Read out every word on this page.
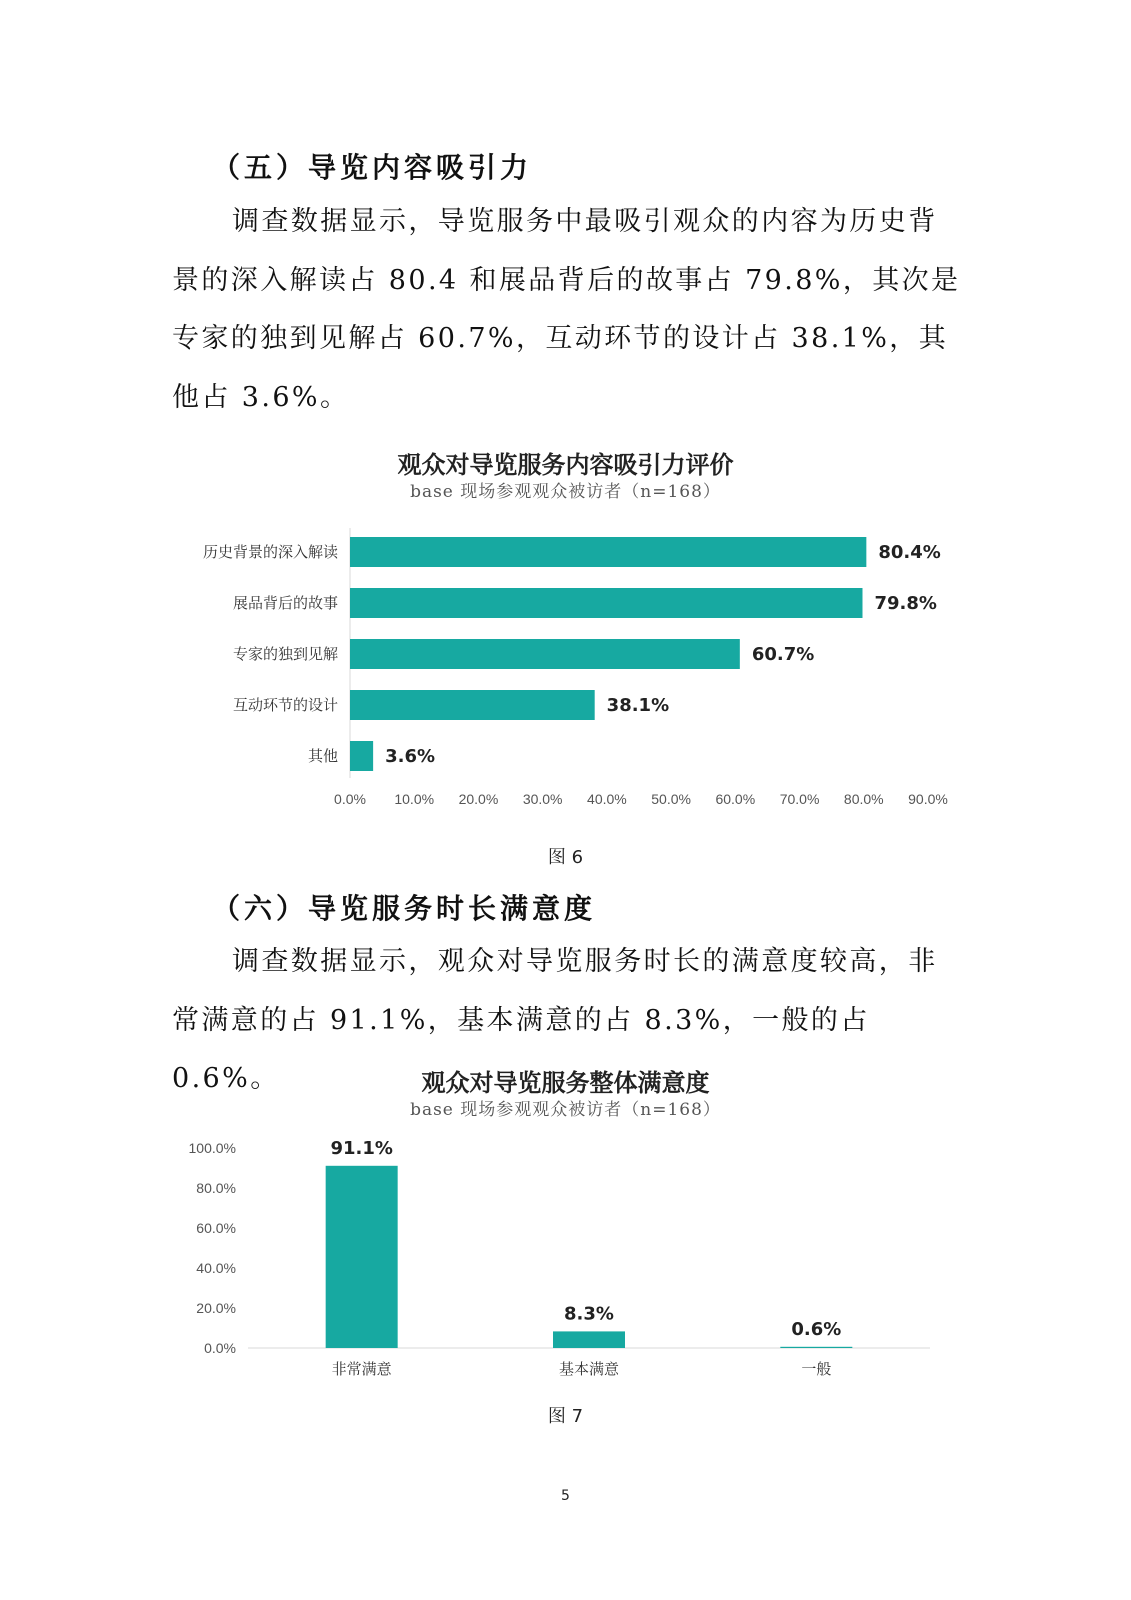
（五）导览内容吸引力

调查数据显示，导览服务中最吸引观众的内容为历史背景的深入解读占 80.4 和展品背后的故事占 79.8%，其次是专家的独到见解占 60.7%，互动环节的设计占 38.1%，其他占 3.6%。

观众对导览服务内容吸引力评价
base 现场参观观众被访者（n=168）
历史背景的深入解读	80.4%
展品背后的故事	79.8%
专家的独到见解	60.7%
互动环节的设计	38.1%
其他	3.6%
0.0% 10.0% 20.0% 30.0% 40.0% 50.0% 60.0% 70.0% 80.0% 90.0%
图 6
（六）导览服务时长满意度

调查数据显示，观众对导览服务时长的满意度较高，非常满意的占 91.1%，基本满意的占 8.3%，一般的占 0.6%。	观众对导览服务整体满意度
base 现场参观观众被访者（n=168）
0.0%
20.0%
40.0%
60.0%
80.0%
100.0%	91.1%
非常满意
8.3%
基本满意
0.6%
一般
图 7
5
